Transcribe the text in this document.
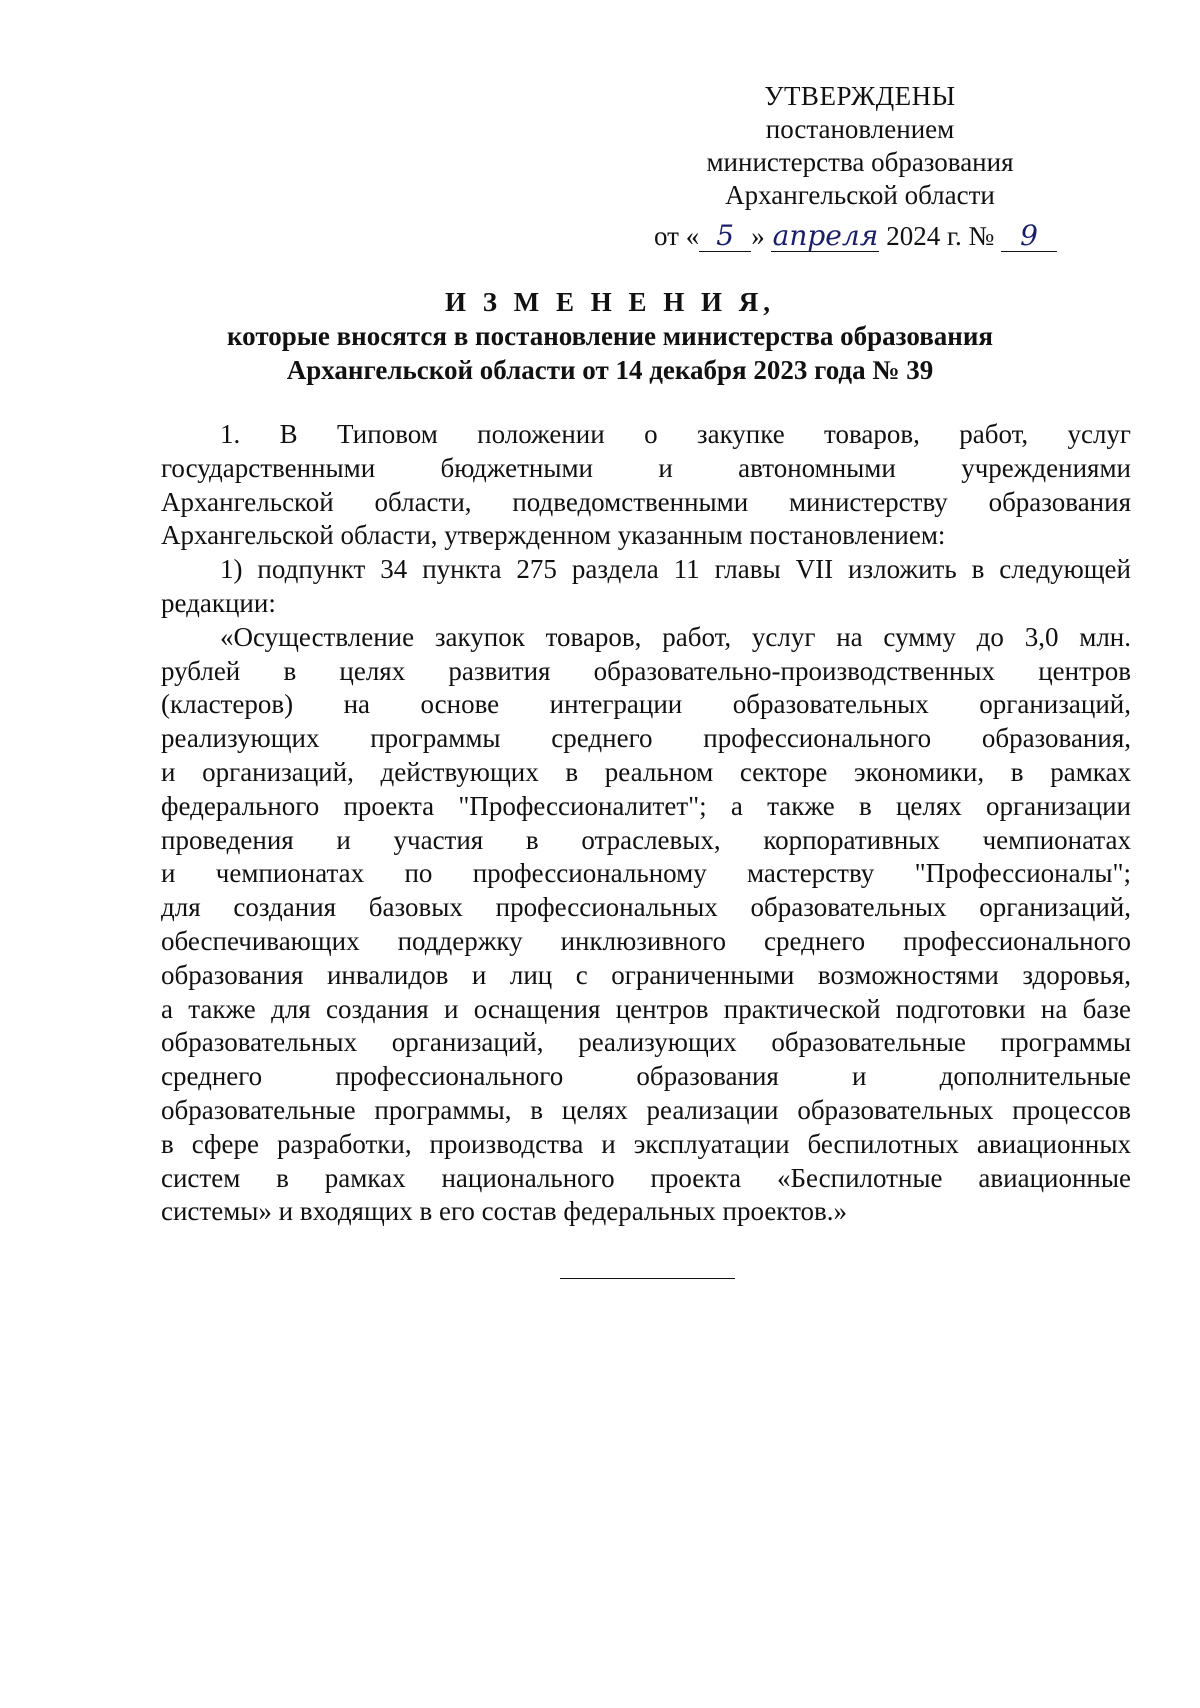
УТВЕРЖДЕНЫ
постановлением
министерства образования
Архангельской области
от « 5 » апреля 2024 г. № 9
И З М Е Н Е Н И Я,
которые вносятся в постановление министерства образования
Архангельской области от 14 декабря 2023 года № 39
1. В Типовом положении о закупке товаров, работ, услуг
государственными бюджетными и автономными учреждениями
Архангельской области, подведомственными министерству образования
Архангельской области, утвержденном указанным постановлением:
1) подпункт 34 пункта 275 раздела 11 главы VII изложить в следующей
редакции:
«Осуществление закупок товаров, работ, услуг на сумму до 3,0 млн.
рублей в целях развития образовательно-производственных центров
(кластеров) на основе интеграции образовательных организаций,
реализующих программы среднего профессионального образования,
и организаций, действующих в реальном секторе экономики, в рамках
федерального проекта "Профессионалитет"; а также в целях организации
проведения и участия в отраслевых, корпоративных чемпионатах
и чемпионатах по профессиональному мастерству "Профессионалы";
для создания базовых профессиональных образовательных организаций,
обеспечивающих поддержку инклюзивного среднего профессионального
образования инвалидов и лиц с ограниченными возможностями здоровья,
а также для создания и оснащения центров практической подготовки на базе
образовательных организаций, реализующих образовательные программы
среднего профессионального образования и дополнительные
образовательные программы, в целях реализации образовательных процессов
в сфере разработки, производства и эксплуатации беспилотных авиационных
систем в рамках национального проекта «Беспилотные авиационные
системы» и входящих в его состав федеральных проектов.»
